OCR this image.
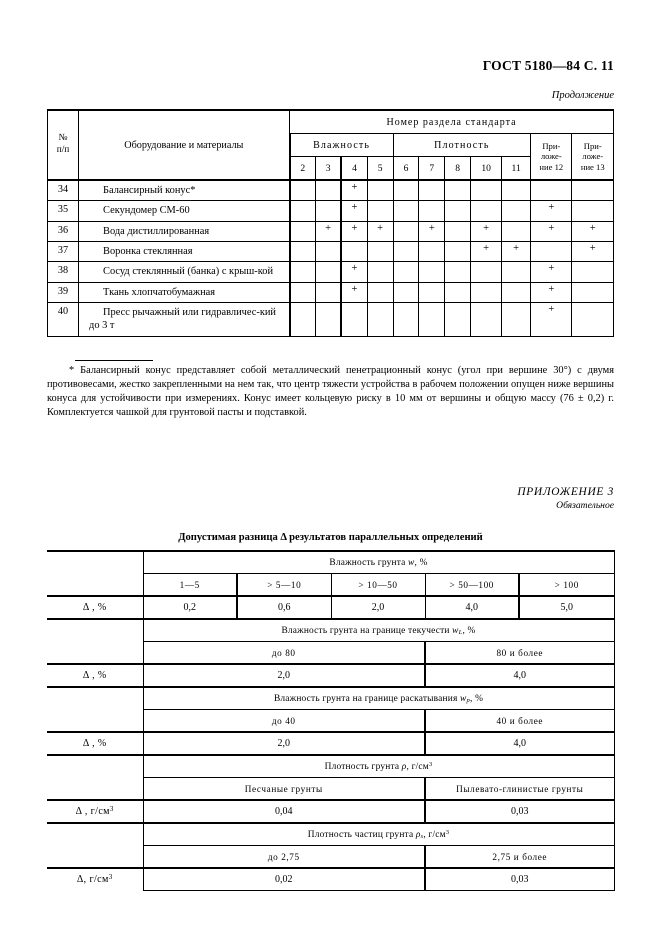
ГОСТ 5180—84 С. 11
Продолжение
№
п/п	Оборудование и материалы	Номер раздела стандарта										
		Влажность				Плотность					При-
ложе-
ние 12	При-
ложе-
ние 13
		2	3	4	5	6	7	8	10	11		
34	Балансирный конус*			+								
35	Секундомер СМ-60			+							+	
36	Вода дистиллированная		+	+	+		+		+		+	+
37	Воронка стеклянная								+	+		+
38	Сосуд стеклянный (банка) с крыш-кой			+							+	
39	Ткань хлопчатобумажная			+							+	
40	Пресс рычажный или гидравличес-кий до 3 т										+	

* Балансирный конус представляет собой металлический пенетрационный конус (угол при вершине 30°) с двумя противовесами, жестко закрепленными на нем так, что центр тяжести устройства в рабочем положении опущен ниже вершины конуса для устойчивости при измерениях. Конус имеет кольцевую риску в 10 мм от вершины и общую массу (76 ± 0,2) г. Комплектуется чашкой для грунтовой пасты и подставкой.

ПРИЛОЖЕНИЕ 3
Обязательное
Допустимая разница Δ результатов параллельных определений
	Влажность грунта w, %				
	1—5	> 5—10	> 10—50	> 50—100	> 100
Δ , %	0,2	0,6	2,0	4,0	5,0
	Влажность грунта на границе текучести $w_L$, %				
	до 80			80 и более	
Δ , %	2,0			4,0	
	Влажность грунта на границе раскатывания $w_p$, %				
	до 40			40 и более	
Δ , %	2,0			4,0	
	Плотность грунта ρ, $г/см^3$
	Песчаные грунты			Пылевато-глинистые грунты	
Δ , $г/см^3$	0,04			0,03	
	Плотность частиц грунта $\rho_s$, $г/см^3$
	до 2,75			2,75 и более	
Δ, $г/см^3$	0,02			0,03	
